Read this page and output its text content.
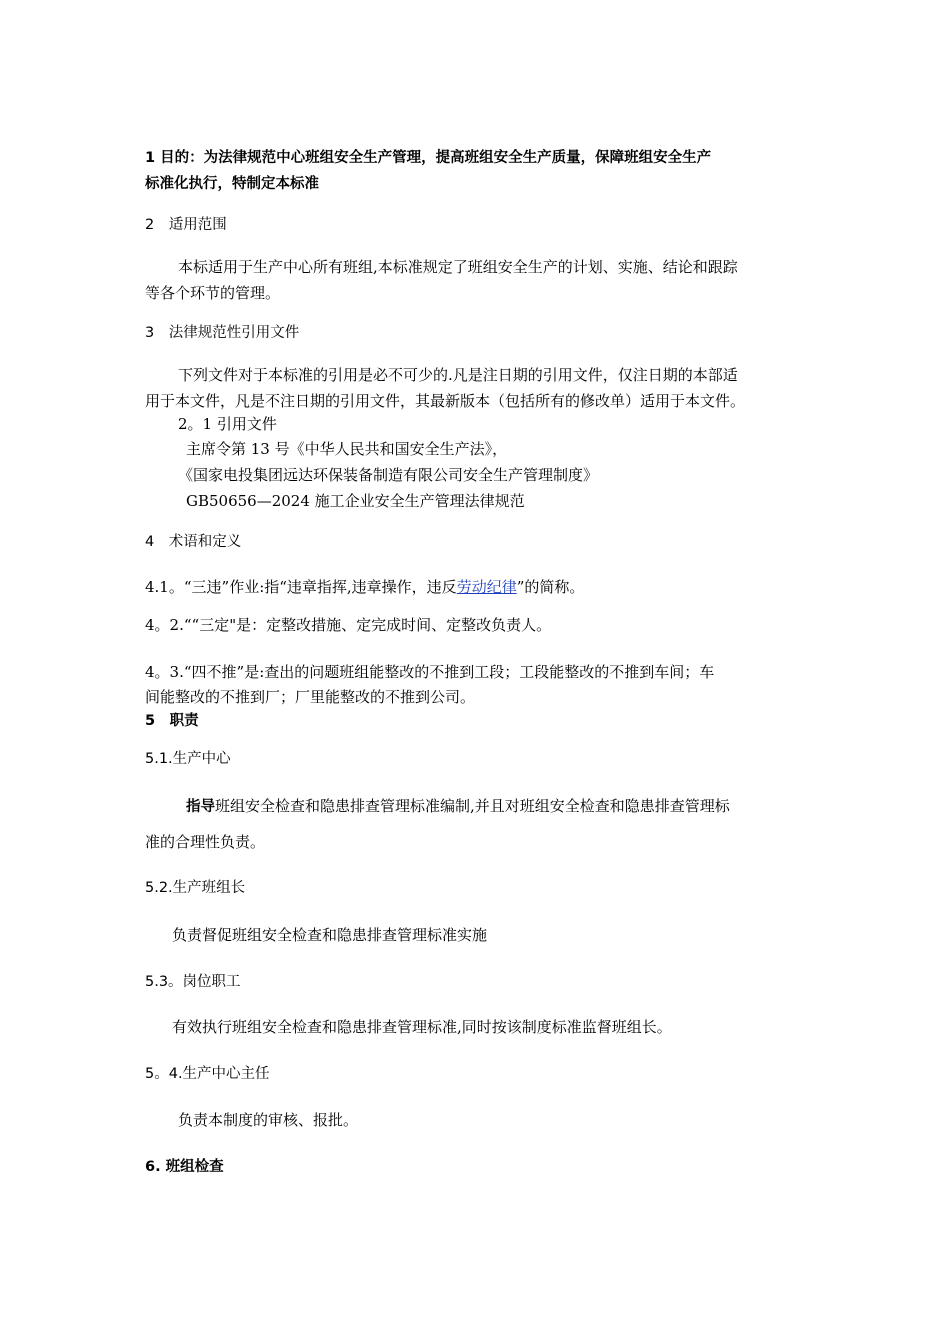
1 目的：为法律规范中心班组安全生产管理，提高班组安全生产质量，保障班组安全生产
标准化执行，特制定本标准
2　适用范围
本标适用于生产中心所有班组,本标准规定了班组安全生产的计划、实施、结论和跟踪
等各个环节的管理。
3　法律规范性引用文件
下列文件对于本标准的引用是必不可少的.凡是注日期的引用文件，仅注日期的本部适
用于本文件，凡是不注日期的引用文件，其最新版本（包括所有的修改单）适用于本文件。
2。1 引用文件
主席令第 13 号《中华人民共和国安全生产法》，
《国家电投集团远达环保装备制造有限公司安全生产管理制度》
GB50656—2024 施工企业安全生产管理法律规范
4　术语和定义
4.1。“三违”作业:指“违章指挥,违章操作，违反劳动纪律”的简称。
4。2.““三定"是：定整改措施、定完成时间、定整改负责人。
4。3.“四不推”是:查出的问题班组能整改的不推到工段；工段能整改的不推到车间；车
间能整改的不推到厂；厂里能整改的不推到公司。
5　职责
5.1.生产中心
指导班组安全检查和隐患排查管理标准编制,并且对班组安全检查和隐患排查管理标
准的合理性负责。
5.2.生产班组长
负责督促班组安全检查和隐患排查管理标准实施
5.3。岗位职工
有效执行班组安全检查和隐患排查管理标准,同时按该制度标准监督班组长。
5。4.生产中心主任
负责本制度的审核、报批。
6. 班组检查
